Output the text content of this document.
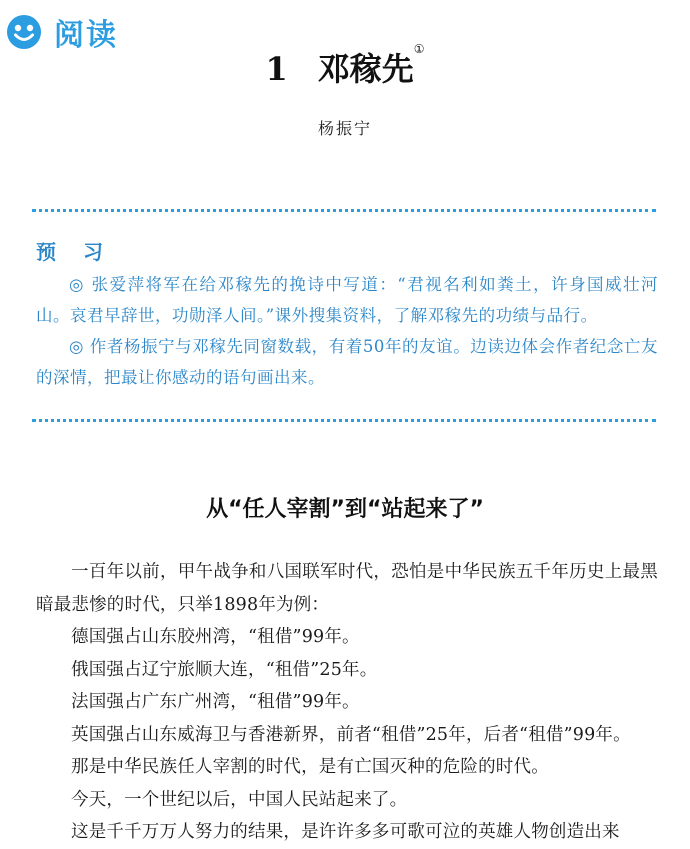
阅读
1 邓稼先①
杨振宁
预 习

◎ 张爱萍将军在给邓稼先的挽诗中写道：“君视名利如粪土，许身国威壮河山。哀君早辞世，功勋泽人间。”课外搜集资料，了解邓稼先的功绩与品行。

◎ 作者杨振宁与邓稼先同窗数载，有着50年的友谊。边读边体会作者纪念亡友的深情，把最让你感动的语句画出来。

从“任人宰割”到“站起来了”

一百年以前，甲午战争和八国联军时代，恐怕是中华民族五千年历史上最黑暗最悲惨的时代，只举1898年为例：

德国强占山东胶州湾，“租借”99年。

俄国强占辽宁旅顺大连，“租借”25年。

法国强占广东广州湾，“租借”99年。

英国强占山东威海卫与香港新界，前者“租借”25年，后者“租借”99年。

那是中华民族任人宰割的时代，是有亡国灭种的危险的时代。

今天，一个世纪以后，中国人民站起来了。

这是千千万万人努力的结果，是许许多多可歌可泣的英雄人物创造出来
